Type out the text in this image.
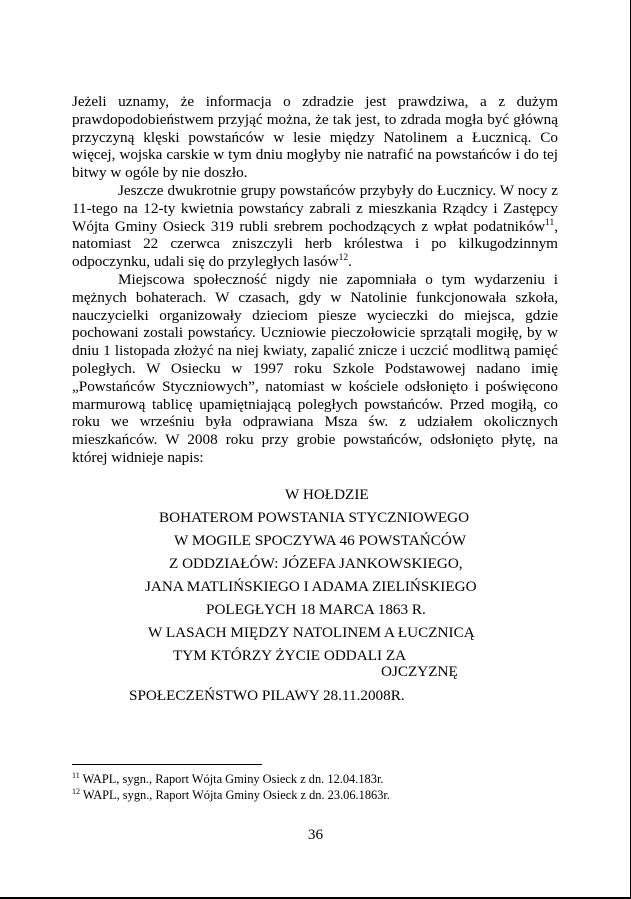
Jeżeli uznamy, że informacja o zdradzie jest prawdziwa, a z dużym prawdopodobieństwem przyjąć można, że tak jest, to zdrada mogła być główną przyczyną klęski powstańców w lesie między Natolinem a Łucznicą. Co więcej, wojska carskie w tym dniu mogłyby nie natrafić na powstańców i do tej bitwy w ogóle by nie doszło.

Jeszcze dwukrotnie grupy powstańców przybyły do Łucznicy. W nocy z 11-tego na 12-ty kwietnia powstańcy zabrali z mieszkania Rządcy i Zastępcy Wójta Gminy Osieck 319 rubli srebrem pochodzących z wpłat podatników$^{11}$, natomiast 22 czerwca zniszczyli herb królestwa i po kilkugodzinnym odpoczynku, udali się do przyległych lasów$^{12}$.

Miejscowa społeczność nigdy nie zapomniała o tym wydarzeniu i mężnych bohaterach. W czasach, gdy w Natolinie funkcjonowała szkoła, nauczycielki organizowały dzieciom piesze wycieczki do miejsca, gdzie pochowani zostali powstańcy. Uczniowie pieczołowicie sprzątali mogiłę, by w dniu 1 listopada złożyć na niej kwiaty, zapalić znicze i uczcić modlitwą pamięć poległych. W Osiecku w 1997 roku Szkole Podstawowej nadano imię „Powstańców Styczniowych”, natomiast w kościele odsłonięto i poświęcono marmurową tablicę upamiętniającą poległych powstańców. Przed mogiłą, co roku we wrześniu była odprawiana Msza św. z udziałem okolicznych mieszkańców. W 2008 roku przy grobie powstańców, odsłonięto płytę, na której widnieje napis:

W HOŁDZIE
BOHATEROM POWSTANIA STYCZNIOWEGO
W MOGILE SPOCZYWA 46 POWSTAŃCÓW
Z ODDZIAŁÓW: JÓZEFA JANKOWSKIEGO,
JANA MATLIŃSKIEGO I ADAMA ZIELIŃSKIEGO
POLEGŁYCH 18 MARCA 1863 R.
W LASACH MIĘDZY NATOLINEM A ŁUCZNICĄ
TYM KTÓRZY ŻYCIE ODDALI ZA
OJCZYZNĘ
SPOŁECZEŃSTWO PILAWY 28.11.2008R.
$^{11}$ WAPL, sygn., Raport Wójta Gminy Osieck z dn. 12.04.183r.
$^{12}$ WAPL, sygn., Raport Wójta Gminy Osieck z dn. 23.06.1863r.
36
